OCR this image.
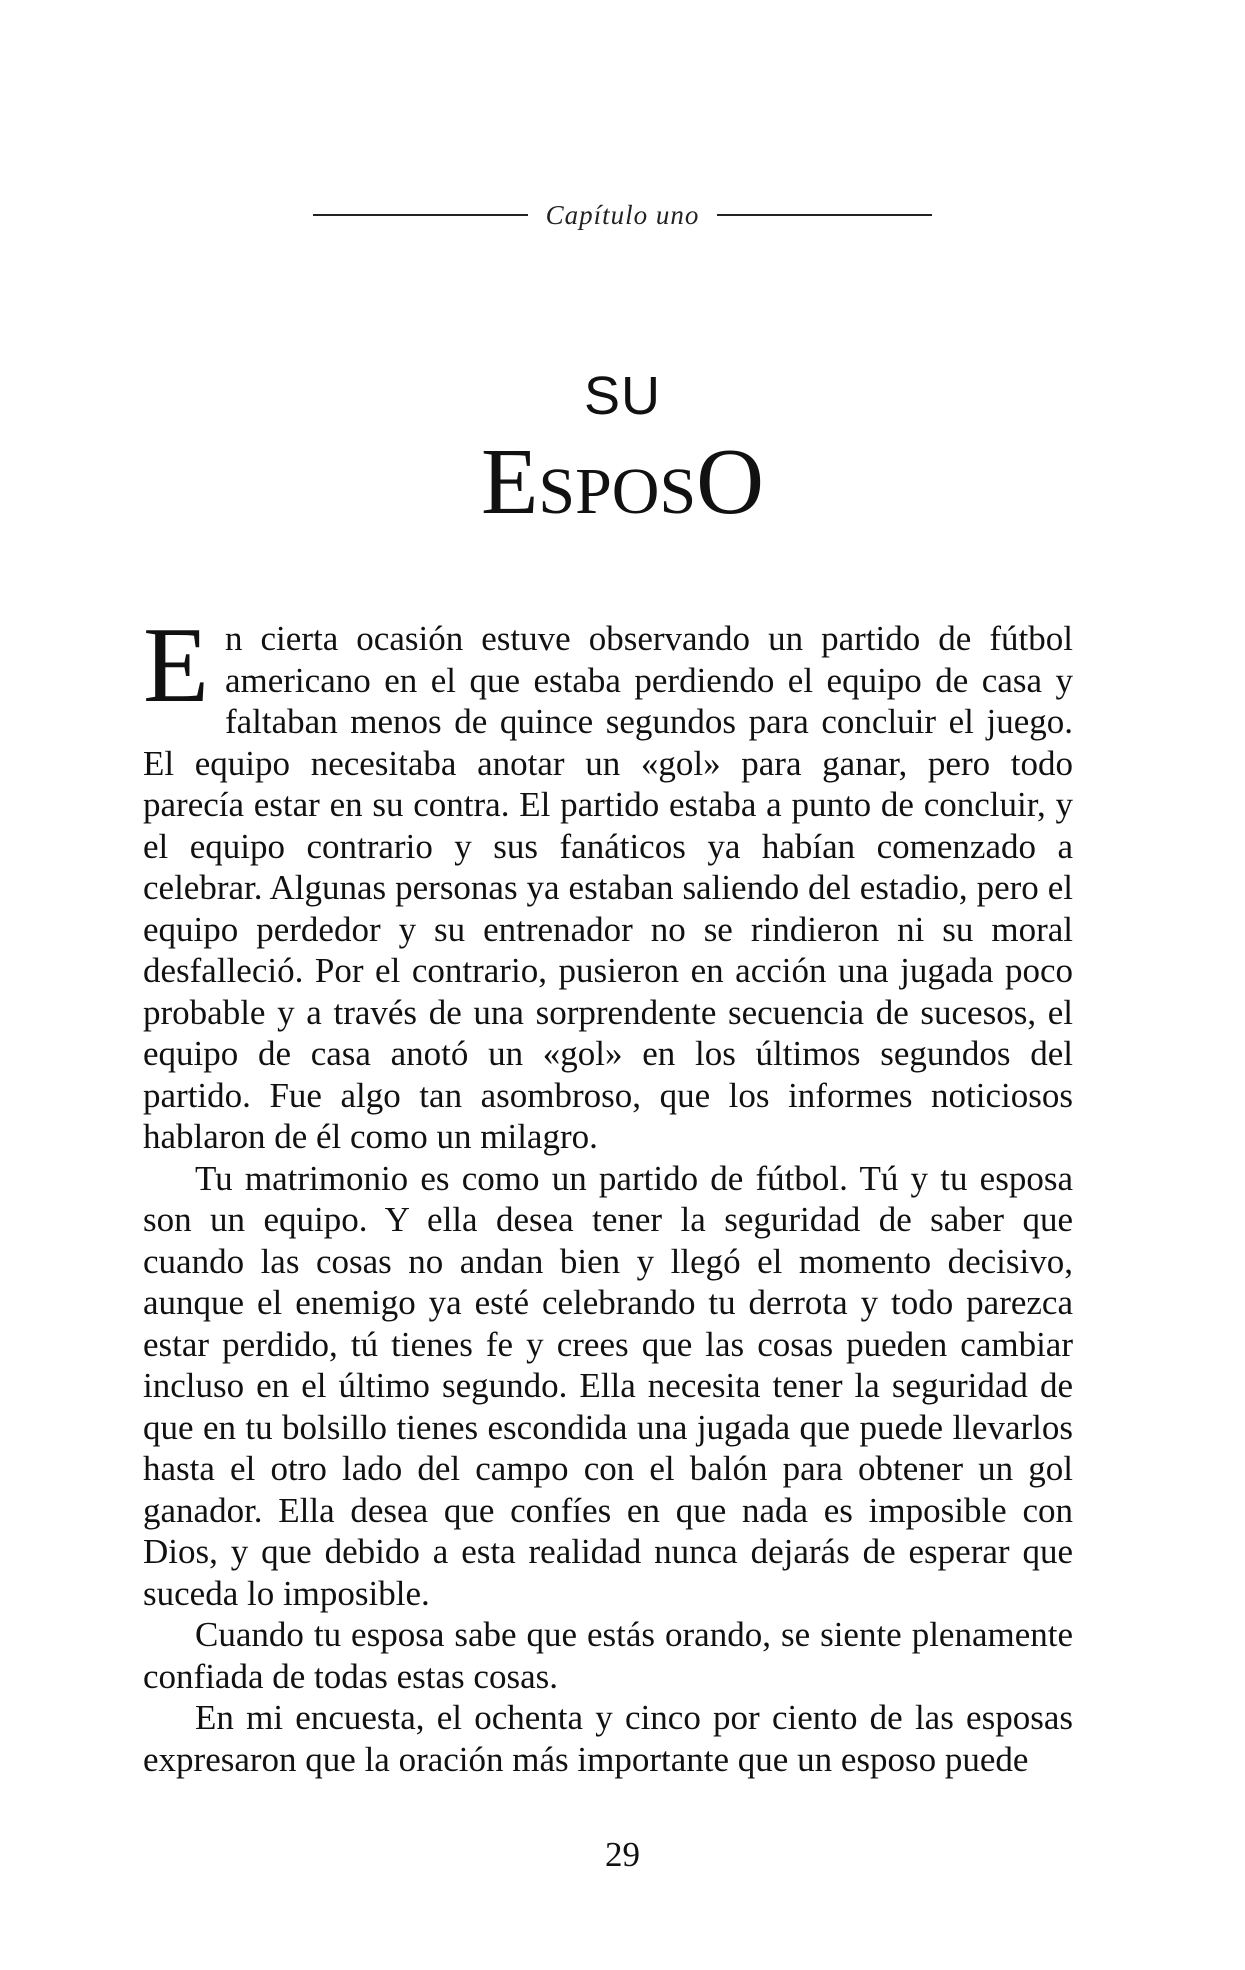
Capítulo uno
SU
ESPOSO

En cierta ocasión estuve observando un partido de fútbol americano en el que estaba perdiendo el equipo de casa y faltaban menos de quince segundos para concluir el juego. El equipo necesitaba anotar un «gol» para ganar, pero todo parecía estar en su contra. El partido estaba a punto de concluir, y el equipo contrario y sus fanáticos ya habían comenzado a celebrar. Algunas personas ya estaban saliendo del estadio, pero el equipo perdedor y su entrenador no se rindieron ni su moral desfalleció. Por el contrario, pusieron en acción una jugada poco probable y a través de una sorprendente secuencia de sucesos, el equipo de casa anotó un «gol» en los últimos segundos del partido. Fue algo tan asombroso, que los informes noticiosos hablaron de él como un milagro.

Tu matrimonio es como un partido de fútbol. Tú y tu esposa son un equipo. Y ella desea tener la seguridad de saber que cuando las cosas no andan bien y llegó el momento decisivo, aunque el enemigo ya esté celebrando tu derrota y todo parezca estar perdido, tú tienes fe y crees que las cosas pueden cambiar incluso en el último segundo. Ella necesita tener la seguridad de que en tu bolsillo tienes escondida una jugada que puede llevarlos hasta el otro lado del campo con el balón para obtener un gol ganador. Ella desea que confíes en que nada es imposible con Dios, y que debido a esta realidad nunca dejarás de esperar que suceda lo imposible.

Cuando tu esposa sabe que estás orando, se siente plenamente confiada de todas estas cosas.

En mi encuesta, el ochenta y cinco por ciento de las esposas expresaron que la oración más importante que un esposo puede

29
